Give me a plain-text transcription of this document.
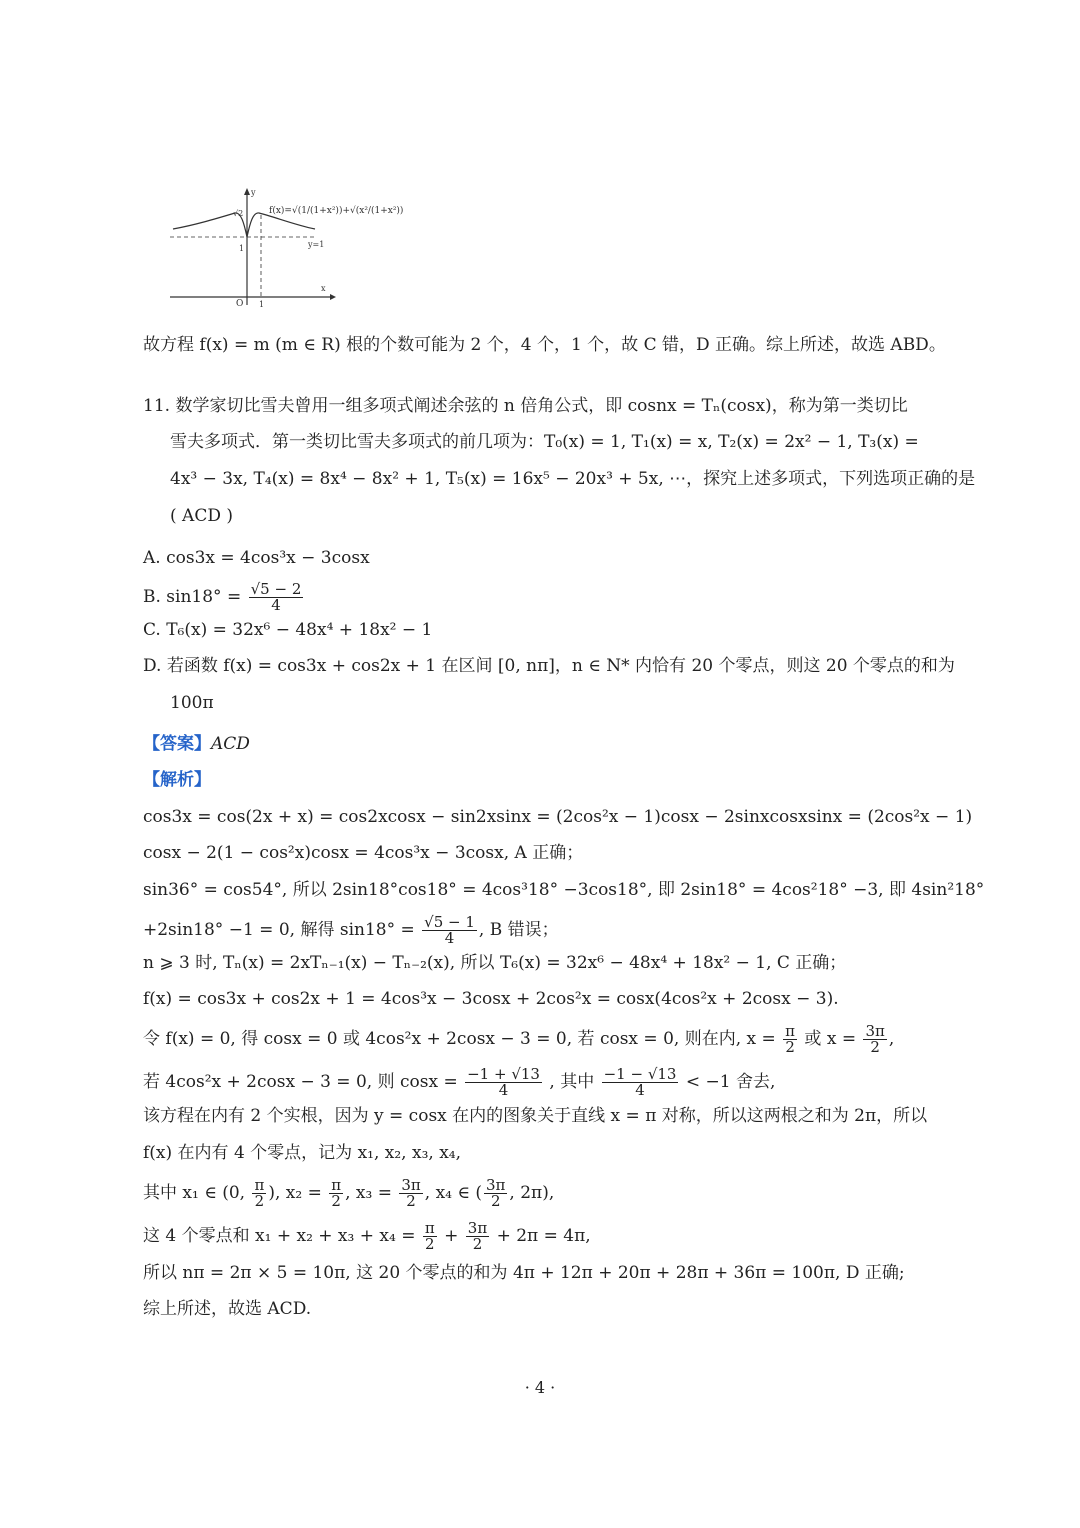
f(x)=√(1/(1+x²))+√(x²/(1+x²))
y=1
y
x
O
√2
1
1
故方程 f(x) = m (m ∈ R) 根的个数可能为 2 个，4 个，1 个，故 C 错，D 正确。综上所述，故选 ABD。
11. 数学家切比雪夫曾用一组多项式阐述余弦的 n 倍角公式，即 cosnx = Tₙ(cosx)，称为第一类切比
雪夫多项式．第一类切比雪夫多项式的前几项为：T₀(x) = 1, T₁(x) = x, T₂(x) = 2x² − 1, T₃(x) =
4x³ − 3x, T₄(x) = 8x⁴ − 8x² + 1, T₅(x) = 16x⁵ − 20x³ + 5x, ⋯，探究上述多项式，下列选项正确的是
( ACD )
A. cos3x = 4cos³x − 3cosx
B. $\sin 18^\circ = \frac{√5 - 2}{4}$
C. T₆(x) = 32x⁶ − 48x⁴ + 18x² − 1
D. 若函数 f(x) = cos3x + cos2x + 1 在区间 [0, nπ]，n ∈ N* 内恰有 20 个零点，则这 20 个零点的和为
100π
【答案】ACD
【解析】
cos3x = cos(2x + x) = cos2xcosx − sin2xsinx = (2cos²x − 1)cosx − 2sinxcosxsinx = (2cos²x − 1)
cosx − 2(1 − cos²x)cosx = 4cos³x − 3cosx, A 正确；
sin36° = cos54°, 所以 2sin18°cos18° = 4cos³18° −3cos18°, 即 2sin18° = 4cos²18° −3, 即 4sin²18°
+2sin18° −1 = 0, 解得 $\sin 18^\circ = \frac{√5 - 1}{4}$ , B 错误；
n ⩾ 3 时, Tₙ(x) = 2xTₙ₋₁(x) − Tₙ₋₂(x), 所以 T₆(x) = 32x⁶ − 48x⁴ + 18x² − 1, C 正确；
f(x) = cos3x + cos2x + 1 = 4cos³x − 3cosx + 2cos²x = cosx(4cos²x + 2cosx − 3).
令 f(x) = 0, 得 cosx = 0 或 4cos²x + 2cosx − 3 = 0, 若 cosx = 0, 则在内, $x = \frac{\pi}{2}$ 或 $x = \frac{3\pi}{2}$ ,
若 4cos²x + 2cosx − 3 = 0, 则 $\cos x = \frac{-1 + √13}{4}$ , 其中 $\frac{-1 - √13}{4} < -1$ 舍去,
该方程在内有 2 个实根，因为 y = cosx 在内的图象关于直线 x = π 对称，所以这两根之和为 2π，所以
f(x) 在内有 4 个零点，记为 x₁, x₂, x₃, x₄,
其中 x₁ ∈ (0, $\frac{\pi}{2}$ ), $x_2 = \frac{\pi}{2}$ , $x_3 = \frac{3\pi}{2}$ , x₄ ∈ ( $\frac{3\pi}{2}$ , 2π),
这 4 个零点和 $x_1 + x_2 + x_3 + x_4 = \frac{\pi}{2} + \frac{3\pi}{2} + 2\pi = 4\pi$,
所以 nπ = 2π × 5 = 10π, 这 20 个零点的和为 4π + 12π + 20π + 28π + 36π = 100π, D 正确;
综上所述，故选 ACD.
· 4 ·
